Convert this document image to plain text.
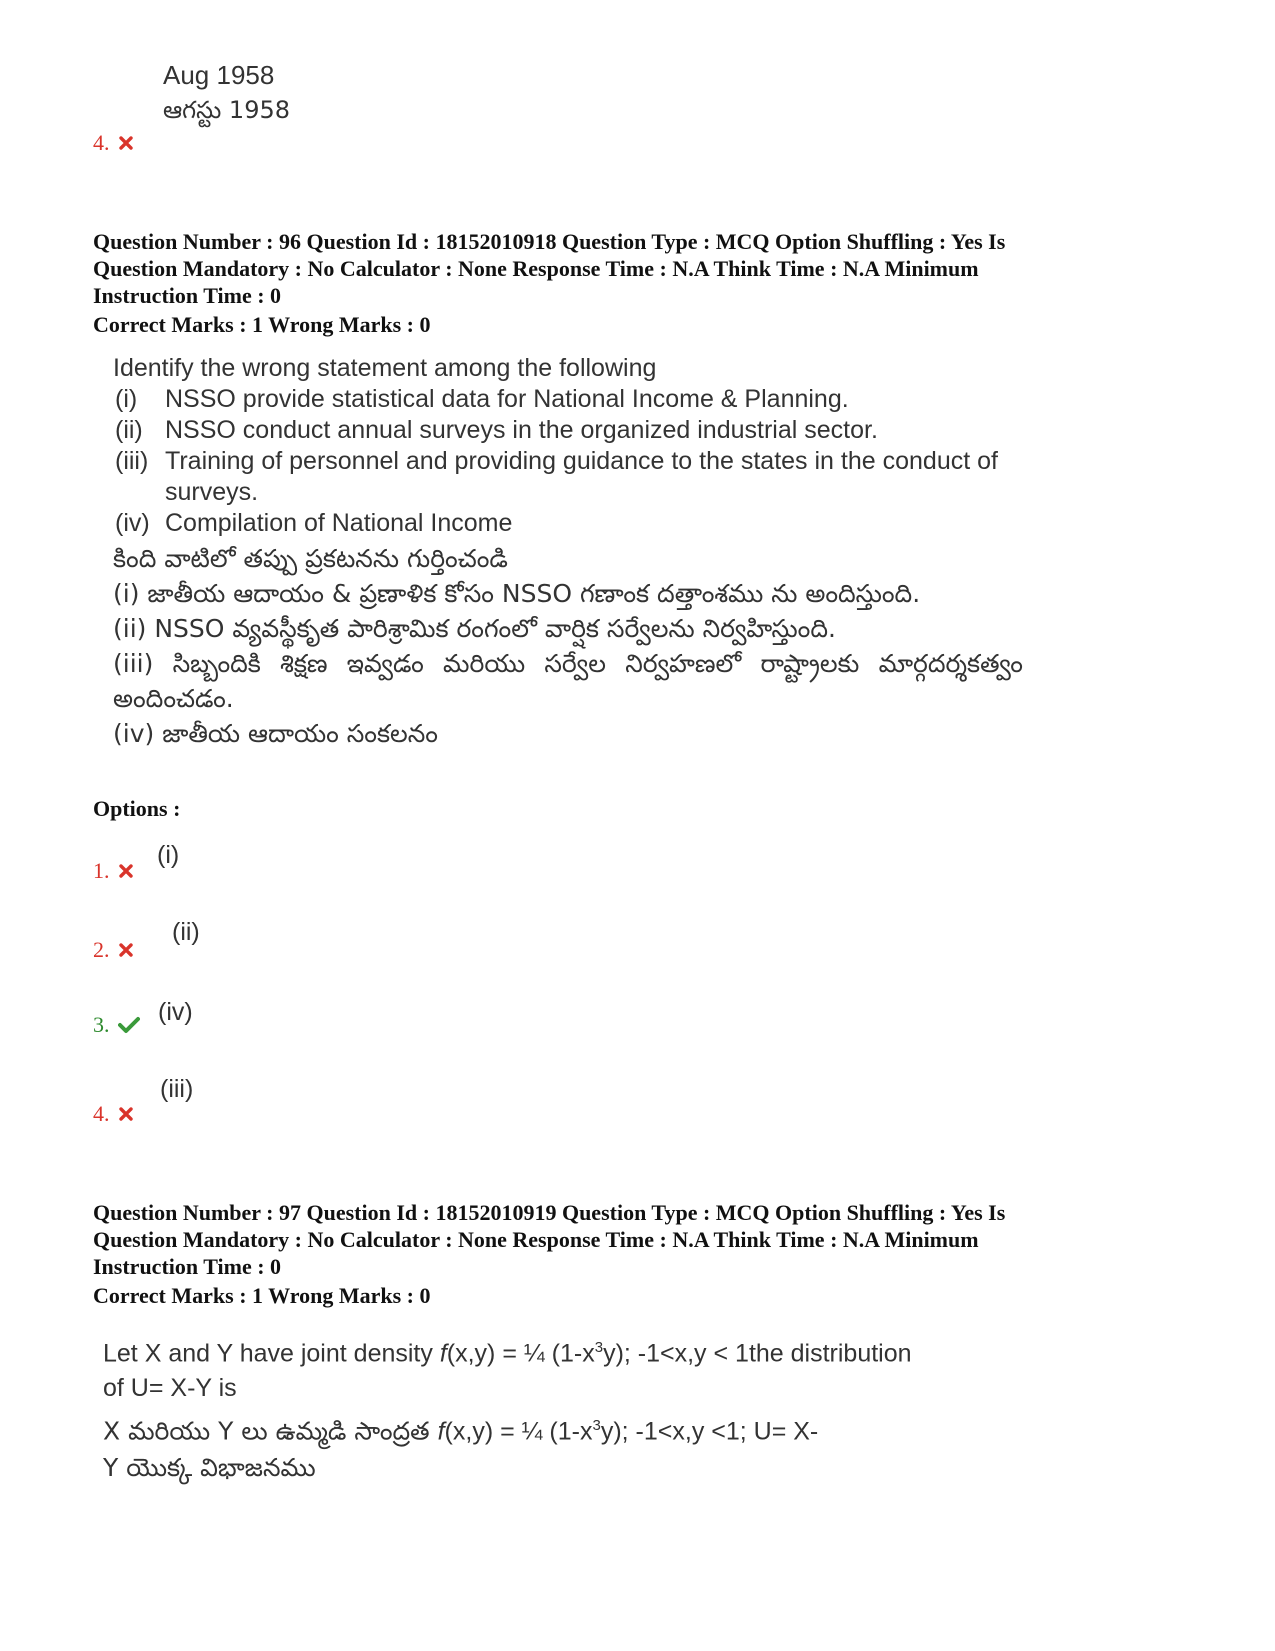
Aug 1958
ఆగస్టు 1958
4.
Question Number : 96 Question Id : 18152010918 Question Type : MCQ Option Shuffling : Yes Is
Question Mandatory : No Calculator : None Response Time : N.A Think Time : N.A Minimum
Instruction Time : 0
Correct Marks : 1 Wrong Marks : 0
Identify the wrong statement among the following
(i)	NSSO provide statistical data for National Income & Planning.
(ii) NSSO conduct annual surveys in the organized industrial sector.
(iii) Training of personnel and providing guidance to the states in the conduct of surveys.
(iv) Compilation of National Income
కింది వాటిలో తప్పు ప్రకటనను గుర్తించండి
(i) జాతీయ ఆదాయం & ప్రణాళిక కోసం NSSO గణాంక దత్తాంశము ను అందిస్తుంది.
(ii) NSSO వ్యవస్థీకృత పారిశ్రామిక రంగంలో వార్షిక సర్వేలను నిర్వహిస్తుంది.
(iii) సిబ్బందికి శిక్షణ ఇవ్వడం మరియు సర్వేల నిర్వహణలో రాష్ట్రాలకు మార్గదర్శకత్వం అందించడం.
(iv) జాతీయ ఆదాయం సంకలనం
Options :
1.
(i)
2.
(ii)
3. (iv)
4.
(iii)
Question Number : 97 Question Id : 18152010919 Question Type : MCQ Option Shuffling : Yes Is
Question Mandatory : No Calculator : None Response Time : N.A Think Time : N.A Minimum
Instruction Time : 0
Correct Marks : 1 Wrong Marks : 0
Let X and Y have joint density f(x,y) = ¼ $(1-x^3y)$; -1<x,y < 1the distribution
of U= X-Y is
X మరియు Y లు ఉమ్మడి సాంద్రత f(x,y) = ¼ $(1-x^3y)$; -1<x,y <1; U= X-
Y యొక్క విభాజనము
